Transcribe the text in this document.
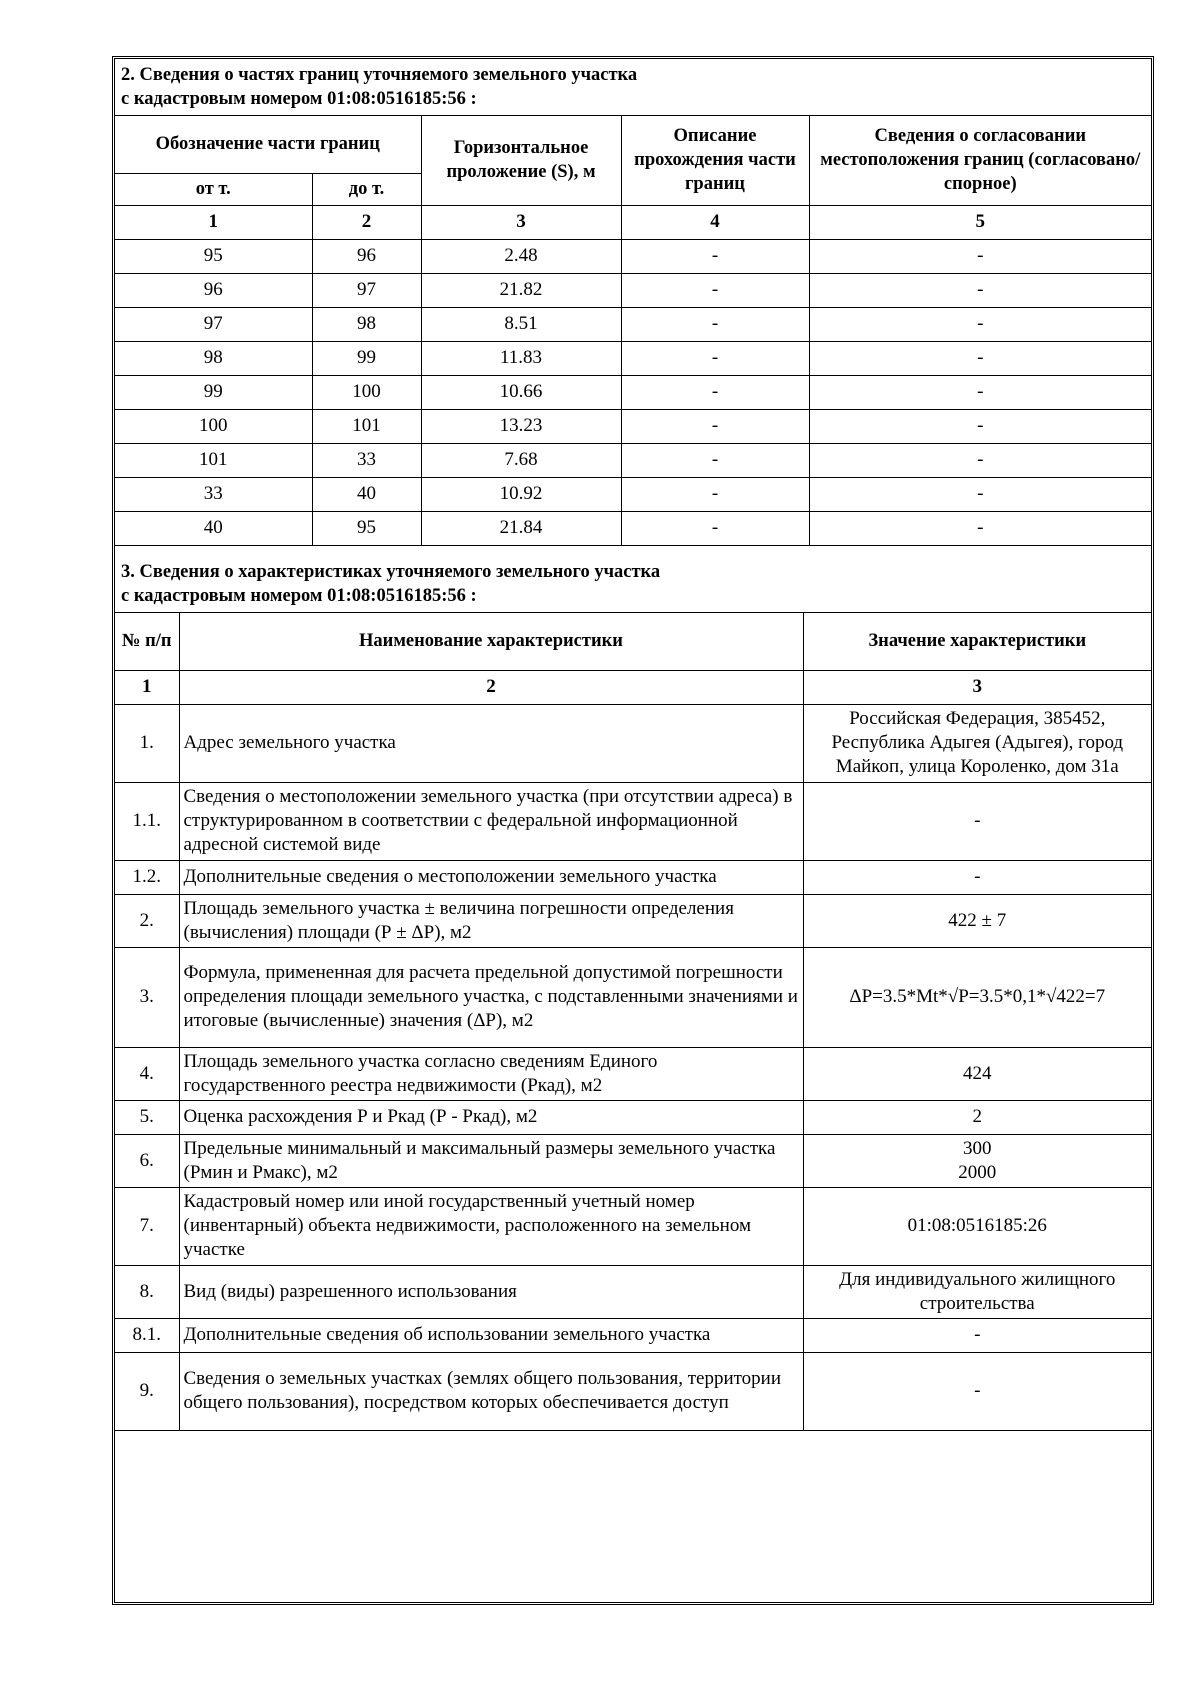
2. Сведения о частях границ уточняемого земельного участка
с кадастровым номером 01:08:0516185:56 :				

Обозначение части границ		Горизонтальное проложение (S), м	Описание прохождения части границ	Сведения о согласовании местоположения границ (согласовано/спорное)
от т.	до т.			
1	2	3	4	5
95	96	2.48	-	-
96	97	21.82	-	-
97	98	8.51	-	-
98	99	11.83	-	-
99	100	10.66	-	-
100	101	13.23	-	-
101	33	7.68	-	-
33	40	10.92	-	-
40	95	21.84	-	-
3. Сведения о характеристиках уточняемого земельного участка
с кадастровым номером 01:08:0516185:56 :		

№ п/п	Наименование характеристики	Значение характеристики
1	2	3
1.	Адрес земельного участка	Российская Федерация, 385452, Республика Адыгея (Адыгея), город Майкоп, улица Короленко, дом 31а
1.1.	Сведения о местоположении земельного участка (при отсутствии адреса) в структурированном в соответствии с федеральной информационной адресной системой виде	-
1.2.	Дополнительные сведения о местоположении земельного участка	-
2.	Площадь земельного участка ± величина погрешности определения (вычисления) площади (Р ± ΔР), м2	422 ± 7
3.	Формула, примененная для расчета предельной допустимой погрешности определения площади земельного участка, с подставленными значениями и итоговые (вычисленные) значения (ΔР), м2	ΔР=3.5*Mt*√P=3.5*0,1*√422=7
4.	Площадь земельного участка согласно сведениям Единого государственного реестра недвижимости (Ркад), м2	424
5.	Оценка расхождения Р и Ркад (Р - Ркад), м2	2
6.	Предельные минимальный и максимальный размеры земельного участка (Рмин и Рмакс), м2	300
2000

7.	Кадастровый номер или иной государственный учетный номер (инвентарный) объекта недвижимости, расположенного на земельном участке	01:08:0516185:26
8.	Вид (виды) разрешенного использования	Для индивидуального жилищного строительства
8.1.	Дополнительные сведения об использовании земельного участка	-
9.	Сведения о земельных участках (землях общего пользования, территории общего пользования), посредством которых обеспечивается доступ	-
